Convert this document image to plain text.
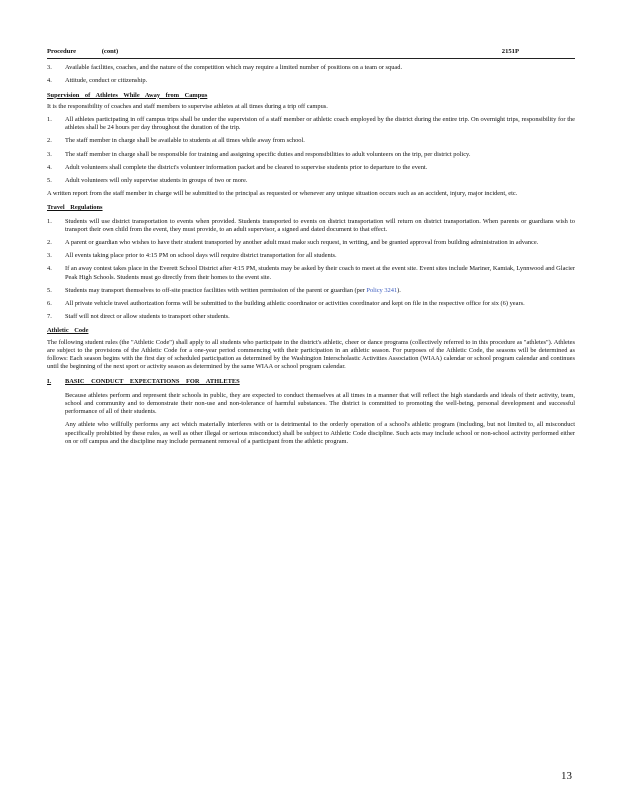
Procedure	(cont)	2151P
3.	Available facilities, coaches, and the nature of the competition which may require a limited number of positions on a team or squad.
4.	Attitude, conduct or citizenship.
Supervision of Athletes While Away from Campus

It is the responsibility of coaches and staff members to supervise athletes at all times during a trip off campus.

1.	All athletes participating in off campus trips shall be under the supervision of a staff member or athletic coach employed by the district during the entire trip. On overnight trips, responsibility for the athletes shall be 24 hours per day throughout the duration of the trip.
2.	The staff member in charge shall be available to students at all times while away from school.
3.	The staff member in charge shall be responsible for training and assigning specific duties and responsibilities to adult volunteers on the trip, per district policy.
4.	Adult volunteers shall complete the district's volunteer information packet and be cleared to supervise students prior to departure to the event.
5.	Adult volunteers will only supervise students in groups of two or more.

A written report from the staff member in charge will be submitted to the principal as requested or whenever any unique situation occurs such as an accident, injury, major incident, etc.

Travel Regulations
1.	Students will use district transportation to events when provided. Students transported to events on district transportation will return on district transportation. When parents or guardians wish to transport their own child from the event, they must provide, to an adult supervisor, a signed and dated document to that effect.
2.	A parent or guardian who wishes to have their student transported by another adult must make such request, in writing, and be granted approval from building administration in advance.
3.	All events taking place prior to 4:15 PM on school days will require district transportation for all students.
4.	If an away contest takes place in the Everett School District after 4:15 PM, students may be asked by their coach to meet at the event site. Event sites include Mariner, Kamiak, Lynnwood and Glacier Peak High Schools. Students must go directly from their homes to the event site.
5.	Students may transport themselves to off-site practice facilities with written permission of the parent or guardian (per Policy 3241).
6.	All private vehicle travel authorization forms will be submitted to the building athletic coordinator or activities coordinator and kept on file in the respective office for six (6) years.
7.	Staff will not direct or allow students to transport other students.
Athletic Code

The following student rules (the "Athletic Code") shall apply to all students who participate in the district's athletic, cheer or dance programs (collectively referred to in this procedure as "athletes"). Athletes are subject to the provisions of the Athletic Code for a one-year period commencing with their participation in an athletic season. For purposes of the Athletic Code, the seasons will be determined as follows: Each season begins with the first day of scheduled participation as determined by the Washington Interscholastic Activities Association (WIAA) calendar or school program calendar and continues until the beginning of the next sport or activity season as determined by the same WIAA or school program calendar.

I.	BASIC CONDUCT EXPECTATIONS FOR ATHLETES

Because athletes perform and represent their schools in public, they are expected to conduct themselves at all times in a manner that will reflect the high standards and ideals of their activity, team, school and community and to demonstrate their non-use and non-tolerance of harmful substances. The district is committed to promoting the well-being, personal development and successful performance of all of their students.

Any athlete who willfully performs any act which materially interferes with or is detrimental to the orderly operation of a school's athletic program (including, but not limited to, all misconduct specifically prohibited by these rules, as well as other illegal or serious misconduct) shall be subject to Athletic Code discipline. Such acts may include school or non-school activity performed either on or off campus and the discipline may include permanent removal of a participant from the athletic program.

13
